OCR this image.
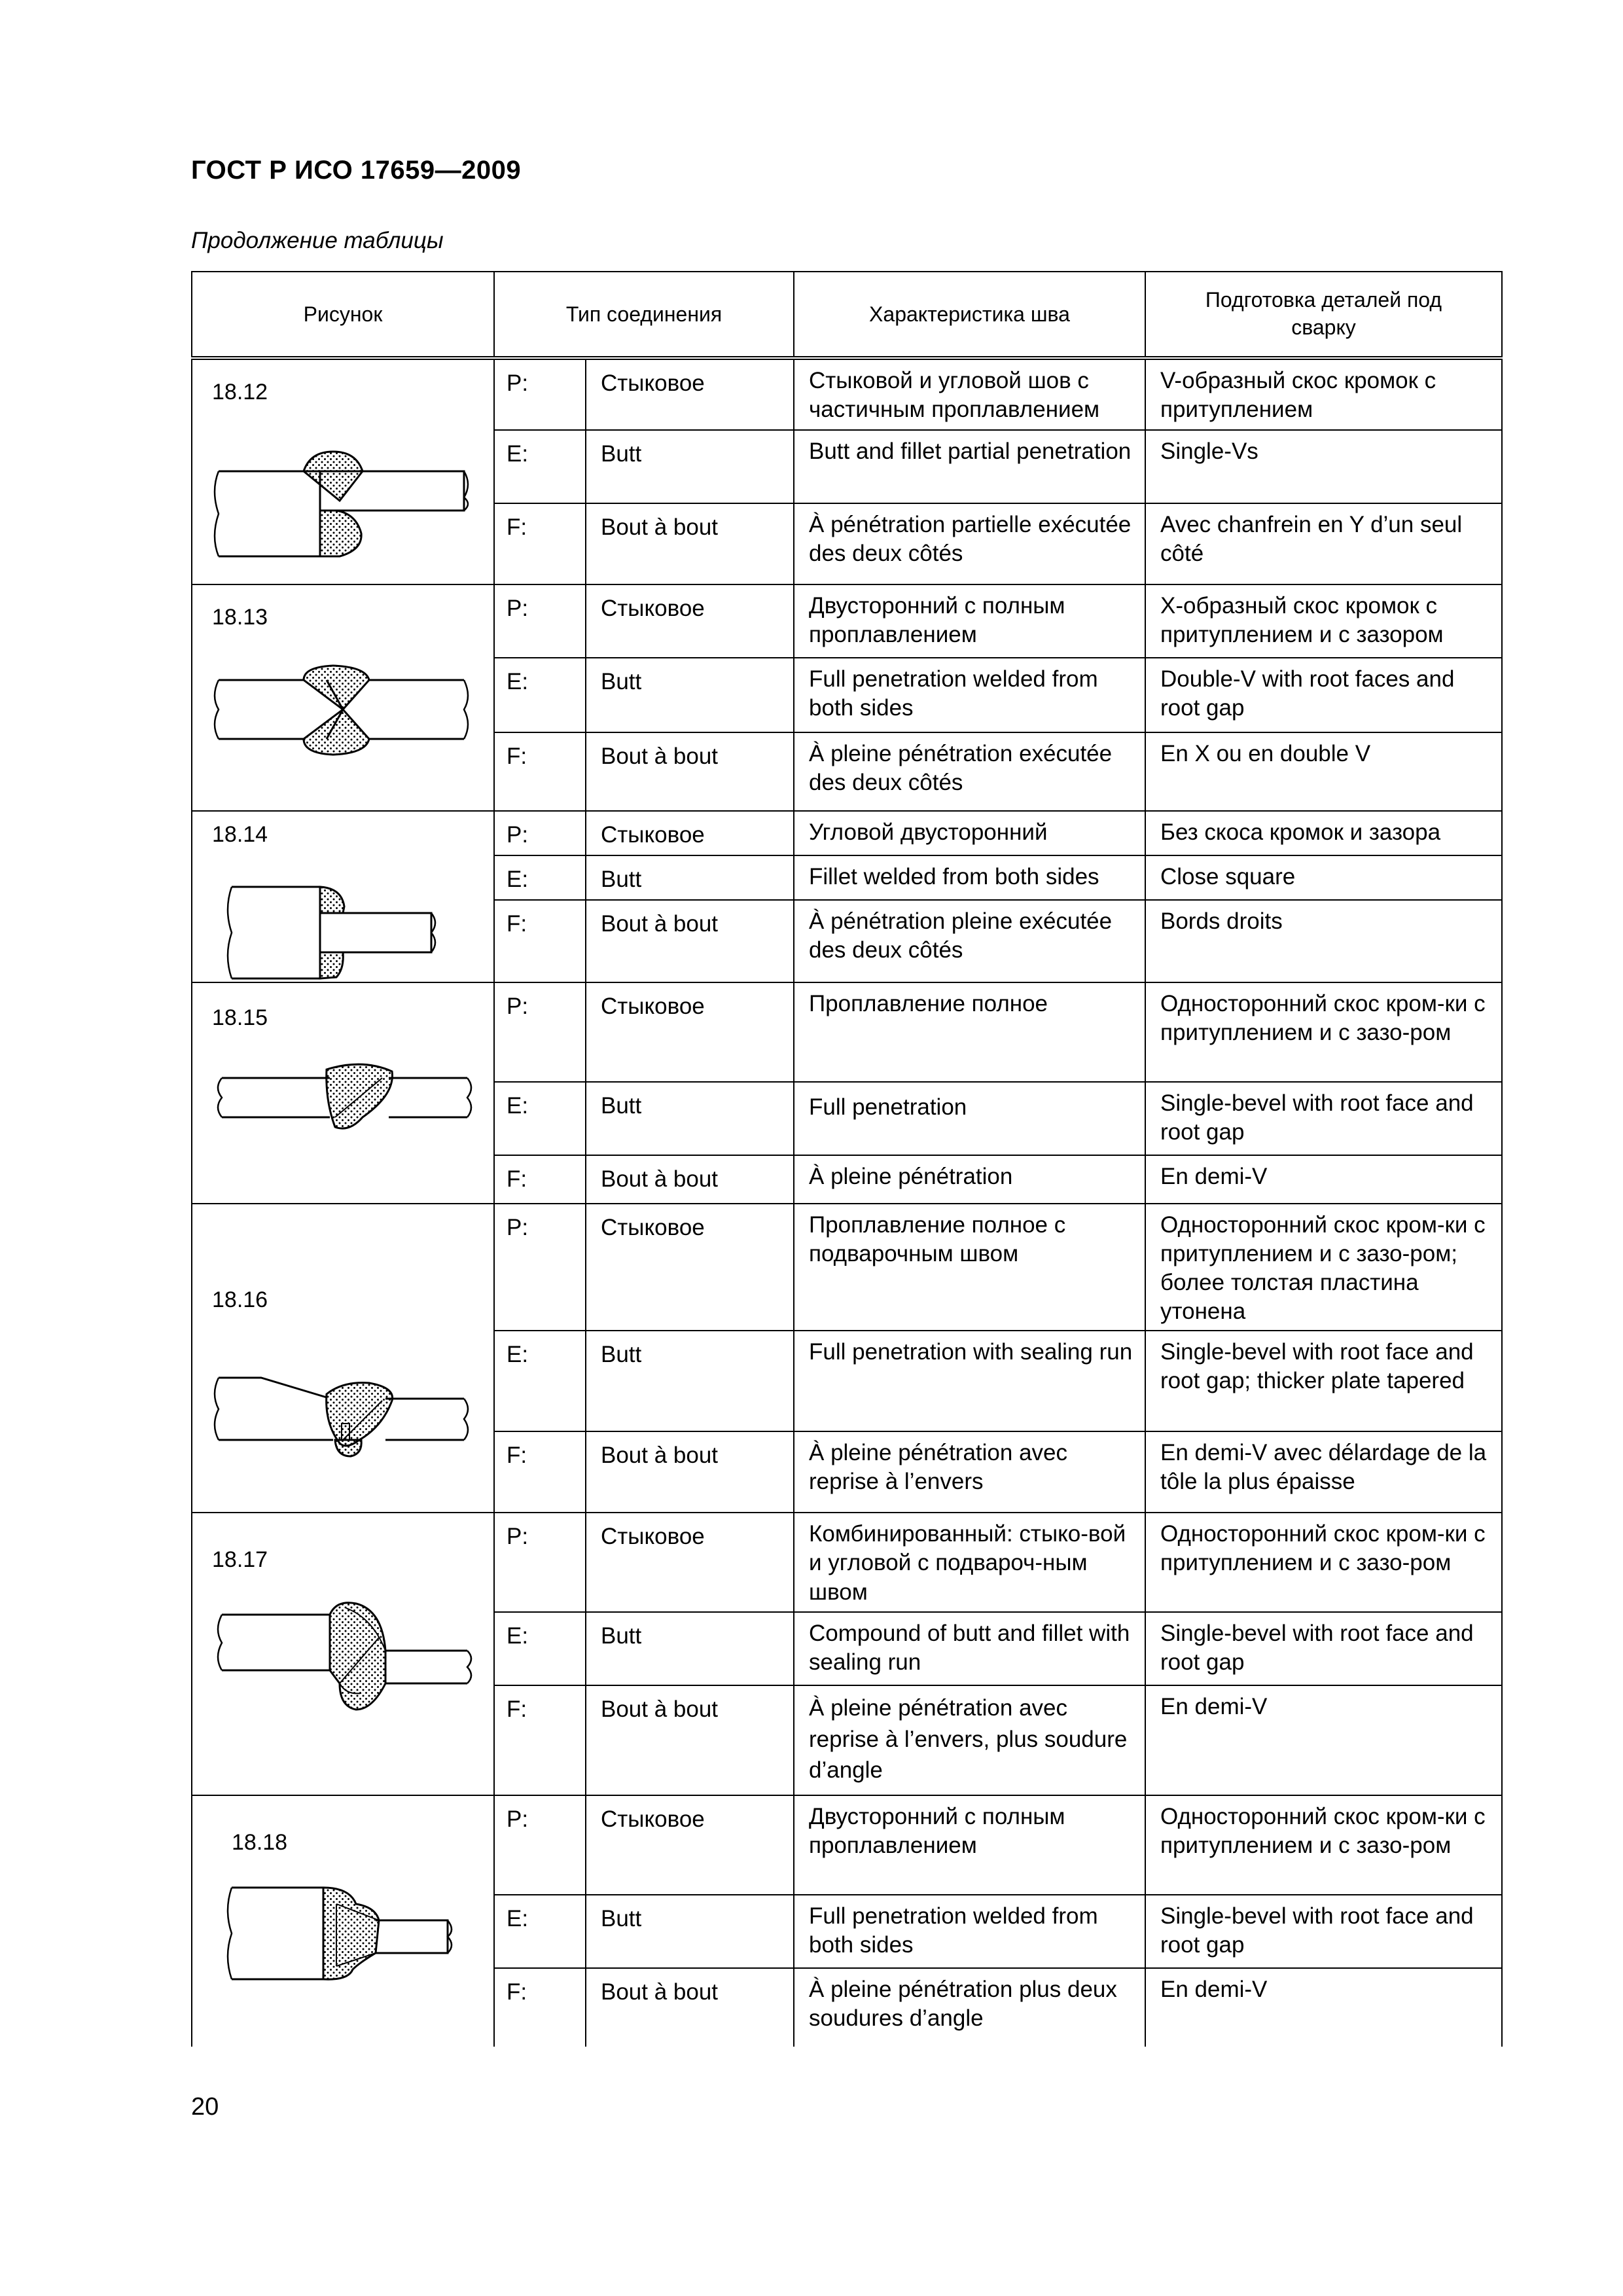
ГОСТ Р ИСО 17659—2009
Продолжение таблицы
Рисунок	Тип соединения		Характеристика шва	Подготовка деталей под сварку

18.12	P:	Стыковое	Стыковой и угловой шов с частичным проплавлением	V-образный скос кромок с притуплением
	E:	Butt	Butt and fillet partial penetration	Single-Vs
	F:	Bout à bout	À pénétration partielle exécutée des deux côtés	Avec chanfrein en Y d’un seul côté

18.13	P:	Стыковое	Двусторонний с полным проплавлением	X-образный скос кромок с притуплением и с зазором
	E:	Butt	Full penetration welded from both sides	Double-V with root faces and root gap
	F:	Bout à bout	À pleine pénétration exécutée des deux côtés	En X ou en double V

18.14	P:	Стыковое	Угловой двусторонний	Без скоса кромок и зазора
	E:	Butt	Fillet welded from both sides	Close square
	F:	Bout à bout	À pénétration pleine exécutée des deux côtés	Bords droits

18.15	P:	Стыковое	Проплавление полное	Односторонний скос кром-ки с притуплением и с зазо-ром
	E:	Butt	Full penetration	Single-bevel with root face and root gap
	F:	Bout à bout	À pleine pénétration	En demi-V

18.16	P:	Стыковое	Проплавление полное с подварочным швом	Односторонний скос кром-ки с притуплением и с зазо-ром; более толстая пластина утонена
	E:	Butt	Full penetration with sealing run	Single-bevel with root face and root gap; thicker plate tapered
	F:	Bout à bout	À pleine pénétration avec reprise à l’envers	En demi-V avec délardage de la tôle la plus épaisse

18.17	P:	Стыковое	Комбинированный: стыко-вой и угловой с подвароч-ным швом	Односторонний скос кром-ки с притуплением и с зазо-ром
	E:	Butt	Compound of butt and fillet with sealing run	Single-bevel with root face and root gap
	F:	Bout à bout	À pleine pénétration avec reprise à l’envers, plus soudure d’angle	En demi-V

18.18	P:	Стыковое	Двусторонний с полным проплавлением	Односторонний скос кром-ки с притуплением и с зазо-ром
	E:	Butt	Full penetration welded from both sides	Single-bevel with root face and root gap
	F:	Bout à bout	À pleine pénétration plus deux soudures d’angle	En demi-V
20
